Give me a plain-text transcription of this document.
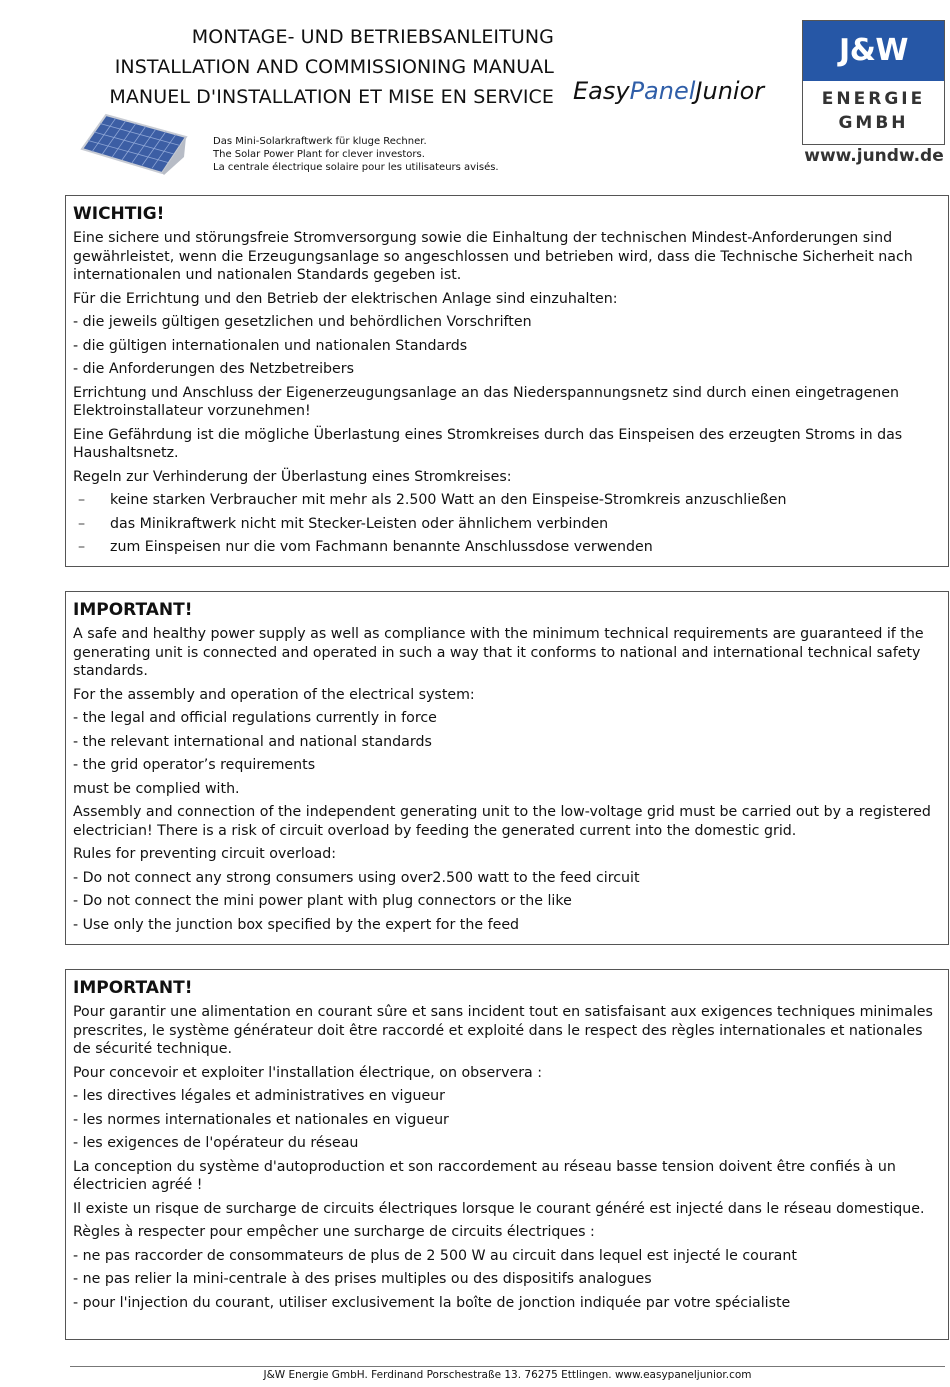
MONTAGE- UND BETRIEBSANLEITUNG
INSTALLATION AND COMMISSIONING MANUAL
MANUEL D'INSTALLATION ET MISE EN SERVICE EasyPanelJunior
Das Mini-Solarkraftwerk für kluge Rechner.
The Solar Power Plant for clever investors.
La centrale électrique solaire pour les utilisateurs avisés.
J&W
ENERGIE
GMBH
www.jundw.de
WICHTIG!

Eine sichere und störungsfreie Stromversorgung sowie die Einhaltung der technischen Mindest-Anforderungen sind gewährleistet, wenn die Erzeugungsanlage so angeschlossen und betrieben wird, dass die Technische Sicherheit nach internationalen und nationalen Standards gegeben ist.

Für die Errichtung und den Betrieb der elektrischen Anlage sind einzuhalten:

- die jeweils gültigen gesetzlichen und behördlichen Vorschriften

- die gültigen internationalen und nationalen Standards

- die Anforderungen des Netzbetreibers

Errichtung und Anschluss der Eigenerzeugungsanlage an das Niederspannungsnetz sind durch einen eingetragenen Elektroinstallateur vorzunehmen!

Eine Gefährdung ist die mögliche Überlastung eines Stromkreises durch das Einspeisen des erzeugten Stroms in das Haushaltsnetz.

Regeln zur Verhinderung der Überlastung eines Stromkreises:

–	keine starken Verbraucher mit mehr als 2.500 Watt an den Einspeise-Stromkreis anzuschließen
–	das Minikraftwerk nicht mit Stecker-Leisten oder ähnlichem verbinden
–	zum Einspeisen nur die vom Fachmann benannte Anschlussdose verwenden
IMPORTANT!

A safe and healthy power supply as well as compliance with the minimum technical requirements are guaranteed if the generating unit is connected and operated in such a way that it conforms to national and international technical safety standards.

For the assembly and operation of the electrical system:

- the legal and official regulations currently in force

- the relevant international and national standards

- the grid operator’s requirements

must be complied with.

Assembly and connection of the independent generating unit to the low-voltage grid must be carried out by a registered electrician! There is a risk of circuit overload by feeding the generated current into the domestic grid.

Rules for preventing circuit overload:

- Do not connect any strong consumers using over2.500 watt to the feed circuit

- Do not connect the mini power plant with plug connectors or the like

- Use only the junction box specified by the expert for the feed

IMPORTANT!

Pour garantir une alimentation en courant sûre et sans incident tout en satisfaisant aux exigences techniques minimales prescrites, le système générateur doit être raccordé et exploité dans le respect des règles internationales et nationales de sécurité technique.

Pour concevoir et exploiter l'installation électrique, on observera :

- les directives légales et administratives en vigueur

- les normes internationales et nationales en vigueur

- les exigences de l'opérateur du réseau

La conception du système d'autoproduction et son raccordement au réseau basse tension doivent être confiés à un électricien agréé !

Il existe un risque de surcharge de circuits électriques lorsque le courant généré est injecté dans le réseau domestique.

Règles à respecter pour empêcher une surcharge de circuits électriques :

- ne pas raccorder de consommateurs de plus de 2 500 W au circuit dans lequel est injecté le courant

- ne pas relier la mini-centrale à des prises multiples ou des dispositifs analogues

- pour l'injection du courant, utiliser exclusivement la boîte de jonction indiquée par votre spécialiste

J&W Energie GmbH. Ferdinand Porschestraße 13. 76275 Ettlingen. www.easypaneljunior.com
